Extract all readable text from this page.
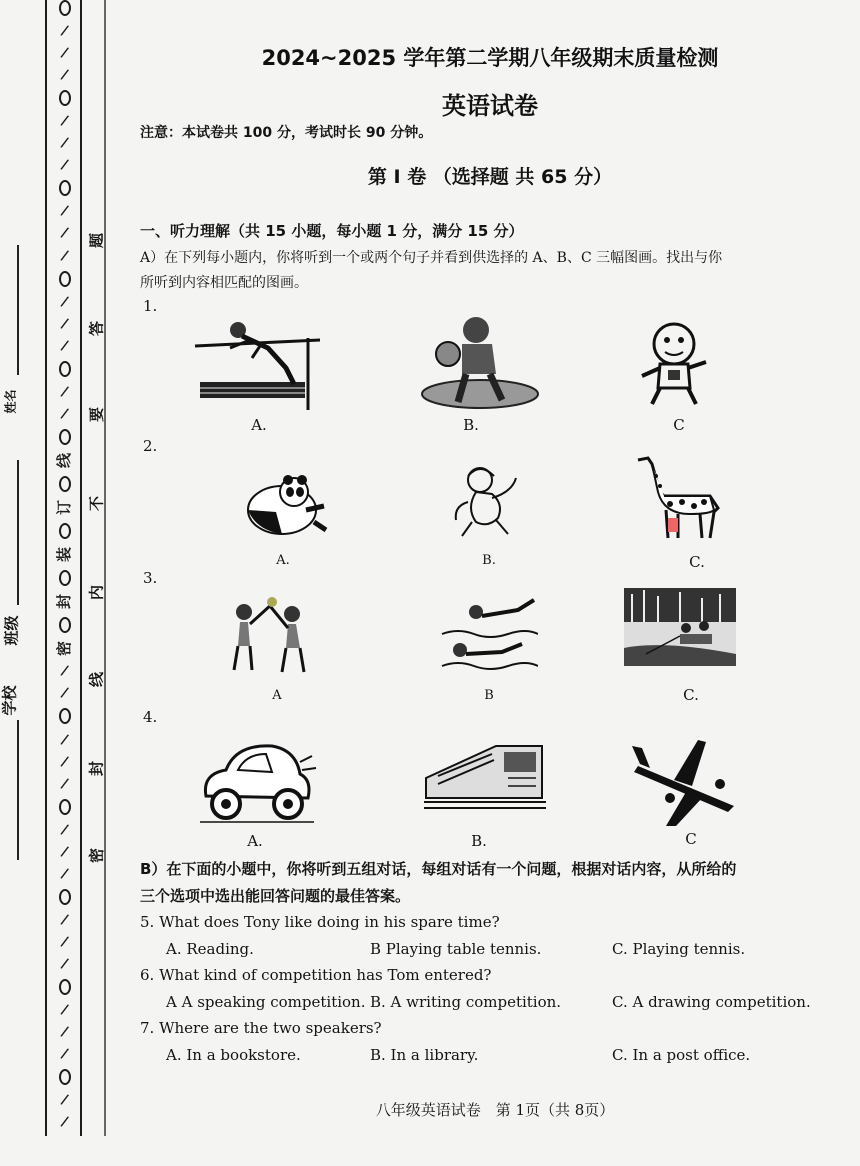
/
/
/
/
/
/
/
/
/
/
/
/
/
/
线
订
装
封
密
/
/
/
/
/
/
/
/
/
/
/
/
/
/
/
/
学校
班级
姓名
题
答
要
不
内
线
封
密
2024~2025 学年第二学期八年级期末质量检测
英语试卷
注意：本试卷共 100 分，考试时长 90 分钟。
第 I 卷 （选择题 共 65 分）
一、听力理解（共 15 小题，每小题 1 分，满分 15 分）
A）在下列每小题内，你将听到一个或两个句子并看到供选择的 A、B、C 三幅图画。找出与你
所听到内容相匹配的图画。
1.
A.	B.	C
2.
A.	B.	C.
3.
A	B	C.
4.
A.	B.	C
B）在下面的小题中，你将听到五组对话，每组对话有一个问题，根据对话内容，从所给的
三个选项中选出能回答问题的最佳答案。
5. What does Tony like doing in his spare time?
A. Reading.	B Playing table tennis.	C. Playing tennis.
6. What kind of competition has Tom entered?
A A speaking competition. B. A writing competition.	C. A drawing competition.
7. Where are the two speakers?
A. In a bookstore.	B. In a library.	C. In a post office.
八年级英语试卷　第 1页（共 8页）
